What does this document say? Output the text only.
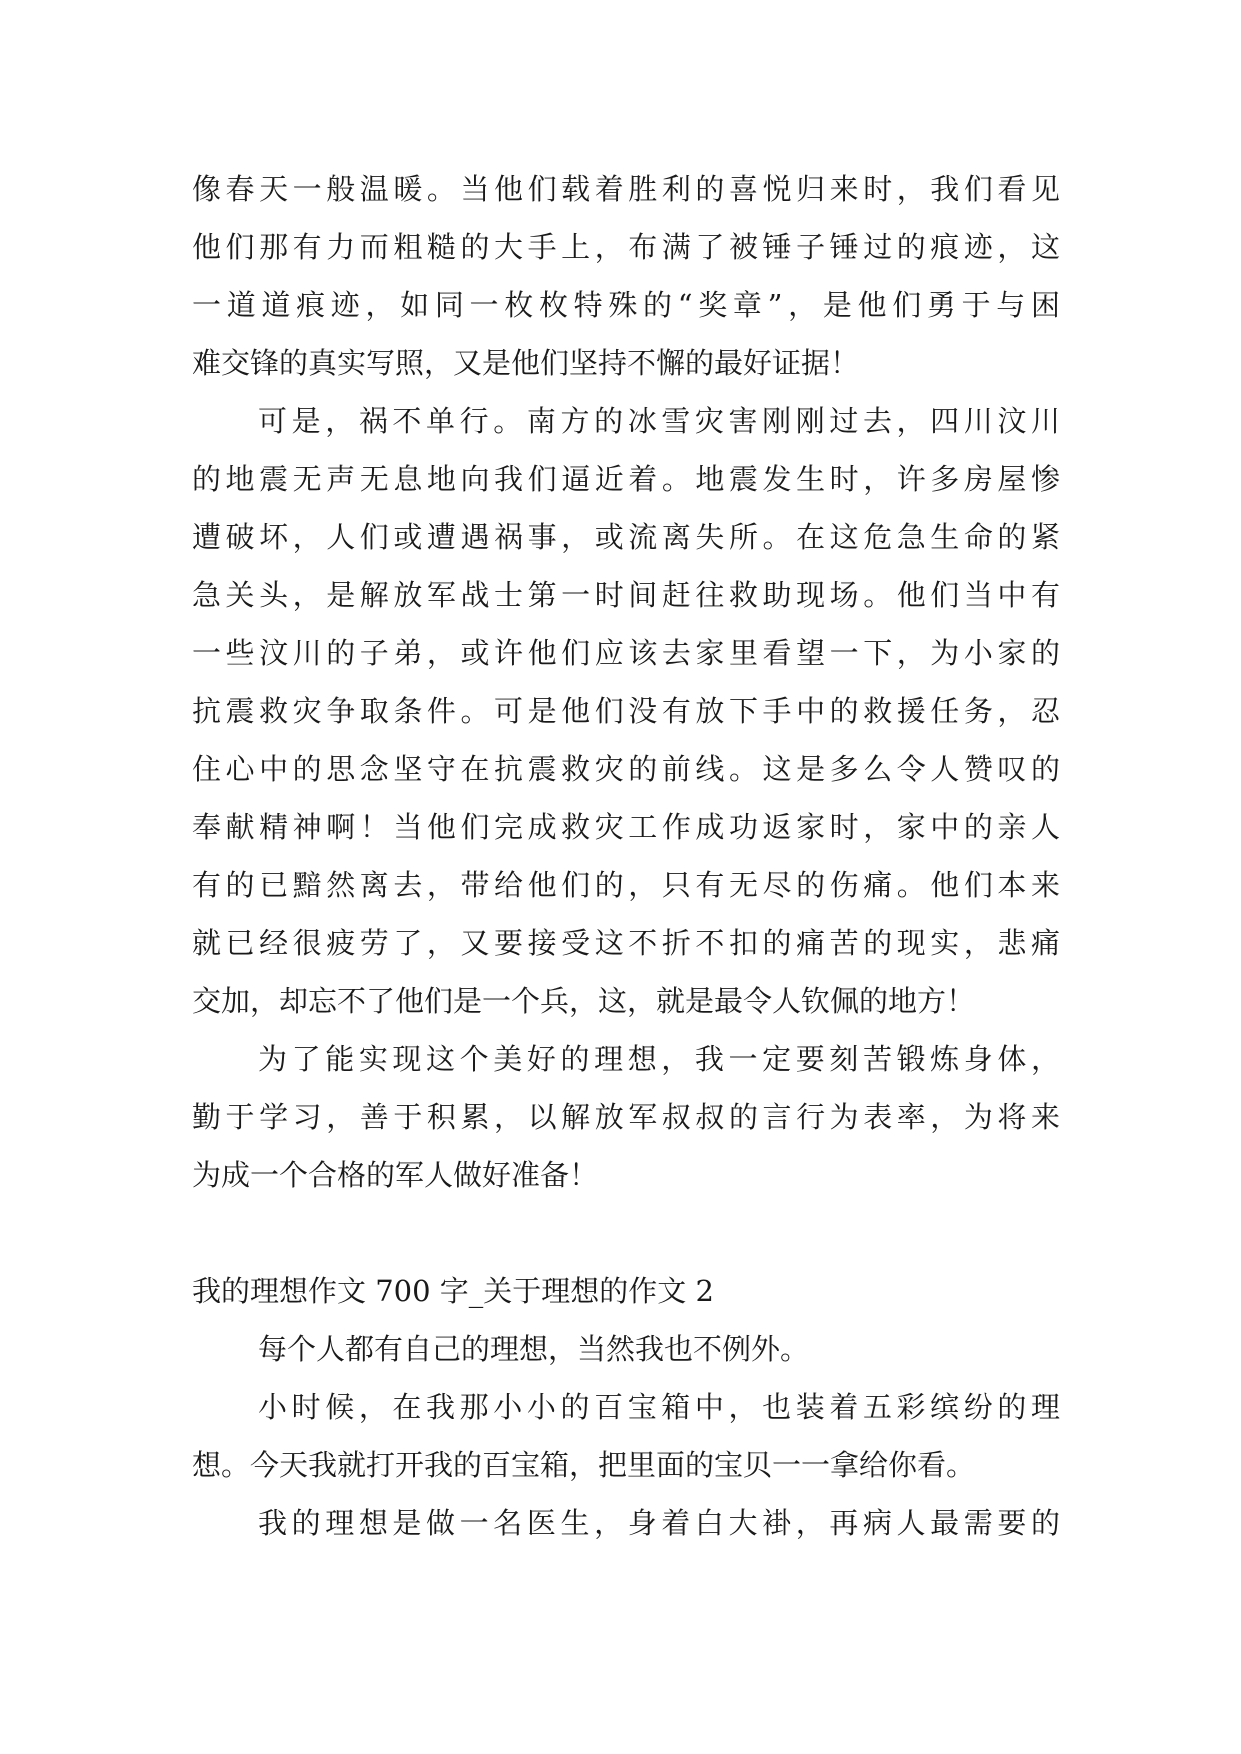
像春天一般温暖。当他们载着胜利的喜悦归来时，我们看见
他们那有力而粗糙的大手上，布满了被锤子锤过的痕迹，这
一道道痕迹，如同一枚枚特殊的“奖章”，是他们勇于与困
难交锋的真实写照，又是他们坚持不懈的最好证据！
可是，祸不单行。南方的冰雪灾害刚刚过去，四川汶川
的地震无声无息地向我们逼近着。地震发生时，许多房屋惨
遭破坏，人们或遭遇祸事，或流离失所。在这危急生命的紧
急关头，是解放军战士第一时间赶往救助现场。他们当中有
一些汶川的子弟，或许他们应该去家里看望一下，为小家的
抗震救灾争取条件。可是他们没有放下手中的救援任务，忍
住心中的思念坚守在抗震救灾的前线。这是多么令人赞叹的
奉献精神啊！当他们完成救灾工作成功返家时，家中的亲人
有的已黯然离去，带给他们的，只有无尽的伤痛。他们本来
就已经很疲劳了，又要接受这不折不扣的痛苦的现实，悲痛
交加，却忘不了他们是一个兵，这，就是最令人钦佩的地方！
为了能实现这个美好的理想，我一定要刻苦锻炼身体，
勤于学习，善于积累，以解放军叔叔的言行为表率，为将来
为成一个合格的军人做好准备！
我的理想作文 700 字_关于理想的作文 2
每个人都有自己的理想，当然我也不例外。
小时候，在我那小小的百宝箱中，也装着五彩缤纷的理
想。今天我就打开我的百宝箱，把里面的宝贝一一拿给你看。
我的理想是做一名医生，身着白大褂，再病人最需要的
